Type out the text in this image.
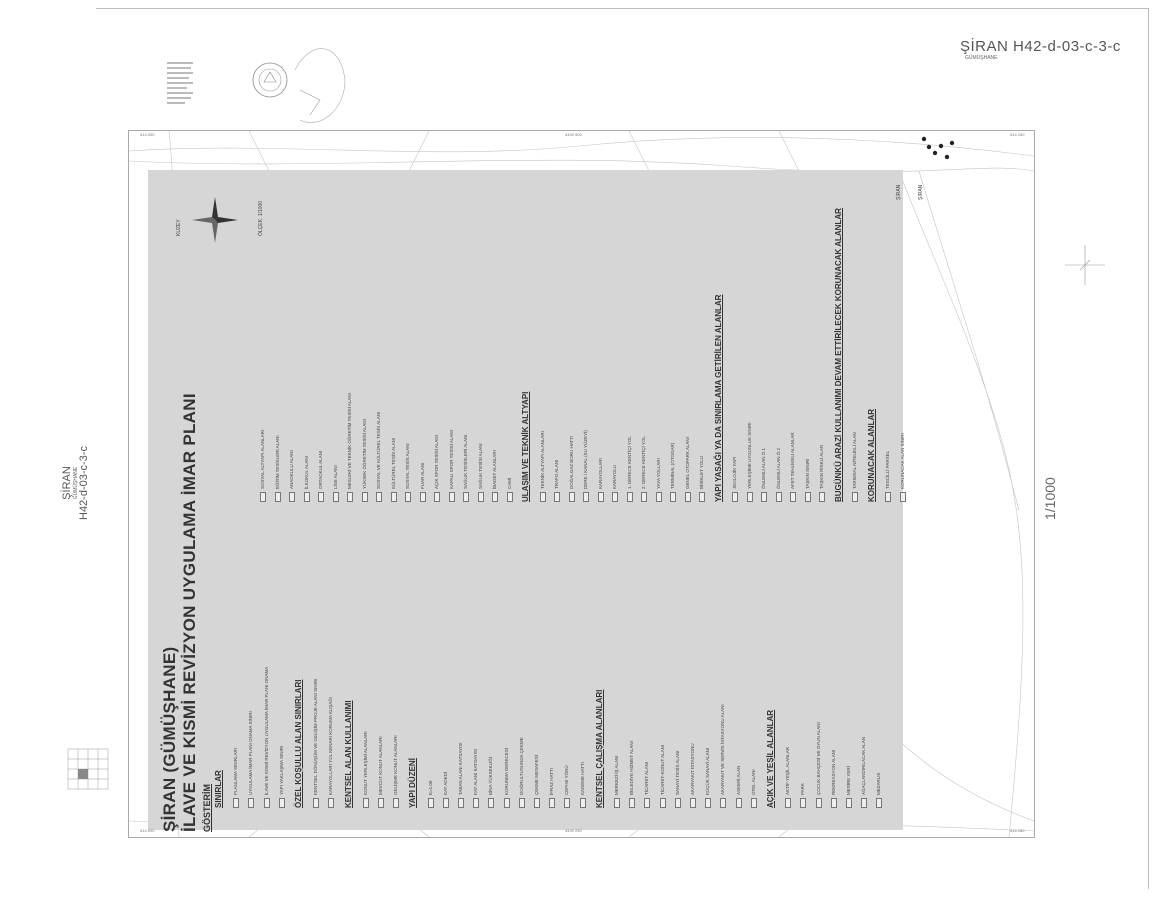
ŞİRAN H42-d-03-c-3-c
GÜMÜŞHANE
ŞİRAN GÜMÜŞHANE H42-d-03-c-3-c
ŞİRAN (GÜMÜŞHANE) İLAVE VE KISMİ REVİZYON UYGULAMA İMAR PLANI GÖSTERİM
KUZEY	ÖLÇEK: 1/1000
SINIRLAR PLANLAMA SINIRLARI UYGULAMA İMAR PLANI ONAMA SINIRI İLAVE VE KISMİ REVİZYON UYGULAMA İMAR PLANI ONAMA YAPI YAKLAŞMA SINIRI ÖZEL KOŞULLU ALAN SINIRLARI KENTSEL DÖNÜŞÜM VE GELİŞİM PROJE ALANI SINIRI KARAYOLLARI YOL KENARI KORUMA KUŞAĞI KENTSEL ALAN KULLANIMI KONUT YERLEŞİMİ ALANLARI MEVCUT KONUT ALANLARI GELİŞME KONUT ALANLARI YAPI DÜZENİ E=1.00 KAT ADEDİ TABAN ALANI KATSAYISI KAT ALANI KATSAYISI BİNA YÜKSEKLİĞİ KORUNMA DERECESİ DOĞRULTUSUNDA ÇEKME ÇEKME MESAFESİ İFRAZ HATTI CEPHE YÖNÜ KADEME HATTI KENTSEL ÇALIŞMA ALANLARI MERKEZİ İŞ ALANI BELEDİYE HİZMET ALANI TİCARET ALANI TİCARET-KONUT ALANI SANAYİ TESİS ALANI AKARYAKIT İSTASYONU KÜÇÜK SANAYİ ALANI AKARYAKIT VE SERVİS İSTASYONU ALANI ASKERİ ALAN OTEL ALANI AÇIK VE YEŞİL ALANLAR AKTİF YEŞİL ALANLAR PARK ÇOCUK BAHÇESİ VE OYUN ALANI REKREASYON ALANI MESİRE YERİ AĞAÇLANDIRILACAK ALAN MEZARLIK
SOSYAL ALTYAPI ALANLARI EĞİTİM TESİSLERİ ALANI ANAOKULU ALANI İLKOKUL ALANI ORTAOKUL ALANI LİSE ALANI MESLEKİ VE TEKNİK ÖĞRETİM TESİSİ ALANI YÜKSEK ÖĞRETİM TESİSİ ALANI SOSYAL VE KÜLTÜREL TESİS ALANI KÜLTÜREL TESİS ALANI SOSYAL TESİS ALANI FUAR ALANI AÇIK SPOR TESİSİ ALANI KAPALI SPOR TESİSİ ALANI SAĞLIK TESİSLERİ ALANI SAĞLIK TESİSİ ALANI İBADET ALANLARI CAMİ ULAŞIM VE TEKNİK ALTYAPI TEKNİK ALTYAPI ALANLARI TRAFO ALANI DOĞALGAZ BORU HATTI DERE / KANAL (SU YÜZEYİ) KARAYOLLARI KARAYOLU 1. DERECE KENTİÇİ YOL 2. DERECE KENTİÇİ YOL YAYA YOLLARI TERMİNAL (OTOGAR) GENEL OTOPARK ALANI BİSİKLET YOLU YAPI YASAĞI YA DA SINIRLAMA GETİRİLEN ALANLAR JEOLOJİK YAPI YERLEŞİME UYGUNLUK SINIRI ÖNLEMLİ ALAN Ö.1 ÖNLEMLİ ALAN Ö.2 AFET TEHLİKELİ ALANLAR TAŞKIN SINIRI TAŞKIN RİSKLİ ALAN BUGÜNKÜ ARAZİ KULLANIMI DEVAM ETTİRİLECEK KORUNACAK ALANLAR TARIMSAL NİTELİKLİ ALAN KORUNACAK ALANLAR TESCİLLİ PARSEL KORUNACAK ALAN SINIRI
ŞİRAN	ŞİRAN
4449 500
4449 250
514 000	514 250
514 000	514 250
1/1000
